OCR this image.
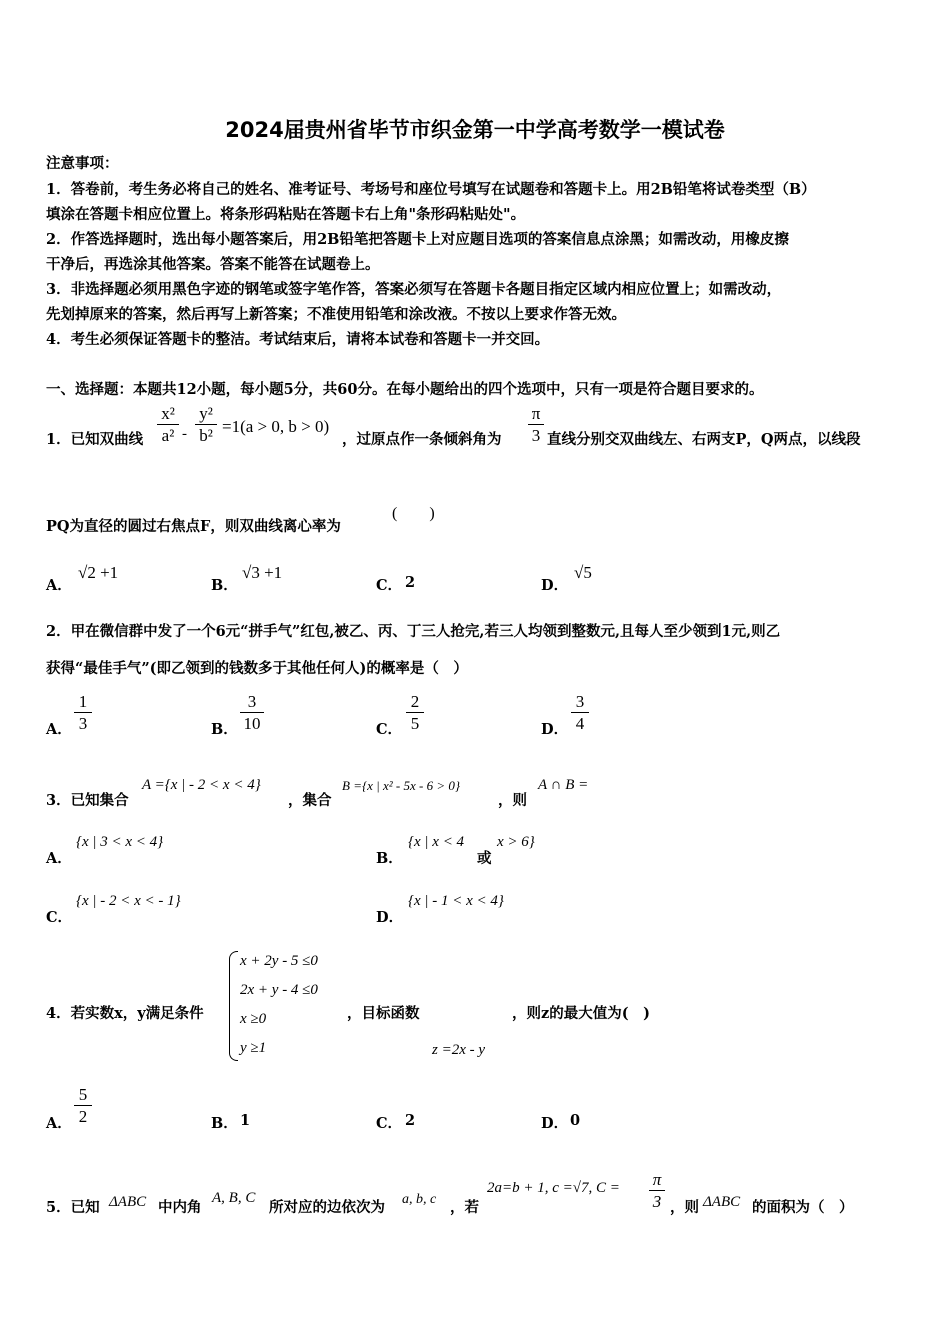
2024届贵州省毕节市织金第一中学高考数学一模试卷
注意事项：
1．答卷前，考生务必将自己的姓名、准考证号、考场号和座位号填写在试题卷和答题卡上。用2B铅笔将试卷类型（B）
填涂在答题卡相应位置上。将条形码粘贴在答题卡右上角"条形码粘贴处"。
2．作答选择题时，选出每小题答案后，用2B铅笔把答题卡上对应题目选项的答案信息点涂黑；如需改动，用橡皮擦
干净后，再选涂其他答案。答案不能答在试题卷上。
3．非选择题必须用黑色字迹的钢笔或签字笔作答，答案必须写在答题卡各题目指定区域内相应位置上；如需改动，
先划掉原来的答案，然后再写上新答案；不准使用铅笔和涂改液。不按以上要求作答无效。
4．考生必须保证答题卡的整洁。考试结束后，请将本试卷和答题卡一并交回。
一、选择题：本题共12小题，每小题5分，共60分。在每小题给出的四个选项中，只有一项是符合题目要求的。
1．已知双曲线
x²
a² -
y²
b² =1(a > 0, b > 0)
，过原点作一条倾斜角为
π
3 直线分别交双曲线左、右两支P，Q两点，以线段
PQ为直径的圆过右焦点F，则双曲线离心率为
(　　)
A．
√2 +1
B．
√3 +1
C． 2	D．
√5
2．甲在微信群中发了一个6元“拼手气”红包,被乙、丙、丁三人抢完,若三人均领到整数元,且每人至少领到1元,则乙
获得“最佳手气”(即乙领到的钱数多于其他任何人)的概率是（　）
A．
1
3	B．
3
10	C．
2
5	D．
3
4
3．已知集合
A ={x | - 2 < x < 4}
，集合
B ={x | x² - 5x - 6 > 0}
，则
A ∩ B =
A．
{x | 3 < x < 4}
B．
{x | x < 4
或
x > 6}
C．
{x | - 2 < x < - 1}
D．
{x | - 1 < x < 4}
4．若实数x，y满足条件
x + 2y - 5 ≤0
2x + y - 4 ≤0
x ≥0
y ≥1
，目标函数
z =2x - y
，则z的最大值为(　)
A．
5
2	B． 1	C． 2	D． 0
5．已知 ΔABC 中内角
A, B, C
所对应的边依次为 a, b, c ，若
2a=b + 1, c =√7, C = π
3 ，则 ΔABC 的面积为（　）
